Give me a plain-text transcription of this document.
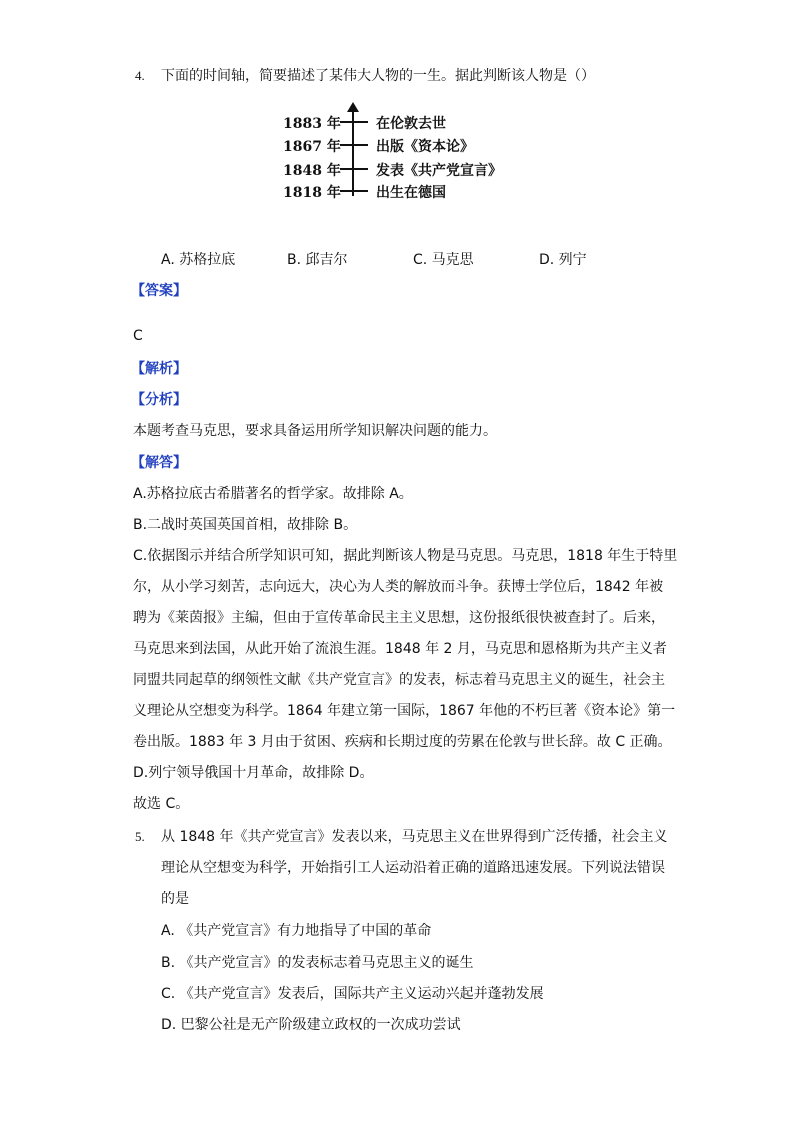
4. 下面的时间轴，简要描述了某伟大人物的一生。据此判断该人物是（）
1883 年	在伦敦去世
1867 年	出版《资本论》
1848 年	发表《共产党宣言》
1818 年	出生在德国
A. 苏格拉底	B. 邱吉尔	C. 马克思	D. 列宁
【答案】
C
【解析】
【分析】
本题考查马克思，要求具备运用所学知识解决问题的能力。
【解答】
A.苏格拉底古希腊著名的哲学家。故排除 A。
B.二战时英国英国首相，故排除 B。
C.依据图示并结合所学知识可知，据此判断该人物是马克思。马克思，1818 年生于特里
尔，从小学习刻苦，志向远大，决心为人类的解放而斗争。获博士学位后，1842 年被
聘为《莱茵报》主编，但由于宣传革命民主主义思想，这份报纸很快被查封了。后来，
马克思来到法国，从此开始了流浪生涯。1848 年 2 月，马克思和恩格斯为共产主义者
同盟共同起草的纲领性文献《共产党宣言》的发表，标志着马克思主义的诞生，社会主
义理论从空想变为科学。1864 年建立第一国际，1867 年他的不朽巨著《资本论》第一
卷出版。1883 年 3 月由于贫困、疾病和长期过度的劳累在伦敦与世长辞。故 C 正确。
D.列宁领导俄国十月革命，故排除 D。
故选 C。
5. 从 1848 年《共产党宣言》发表以来，马克思主义在世界得到广泛传播，社会主义
理论从空想变为科学，开始指引工人运动沿着正确的道路迅速发展。下列说法错误
的是
A. 《共产党宣言》有力地指导了中国的革命
B. 《共产党宣言》的发表标志着马克思主义的诞生
C. 《共产党宣言》发表后，国际共产主义运动兴起并蓬勃发展
D. 巴黎公社是无产阶级建立政权的一次成功尝试
